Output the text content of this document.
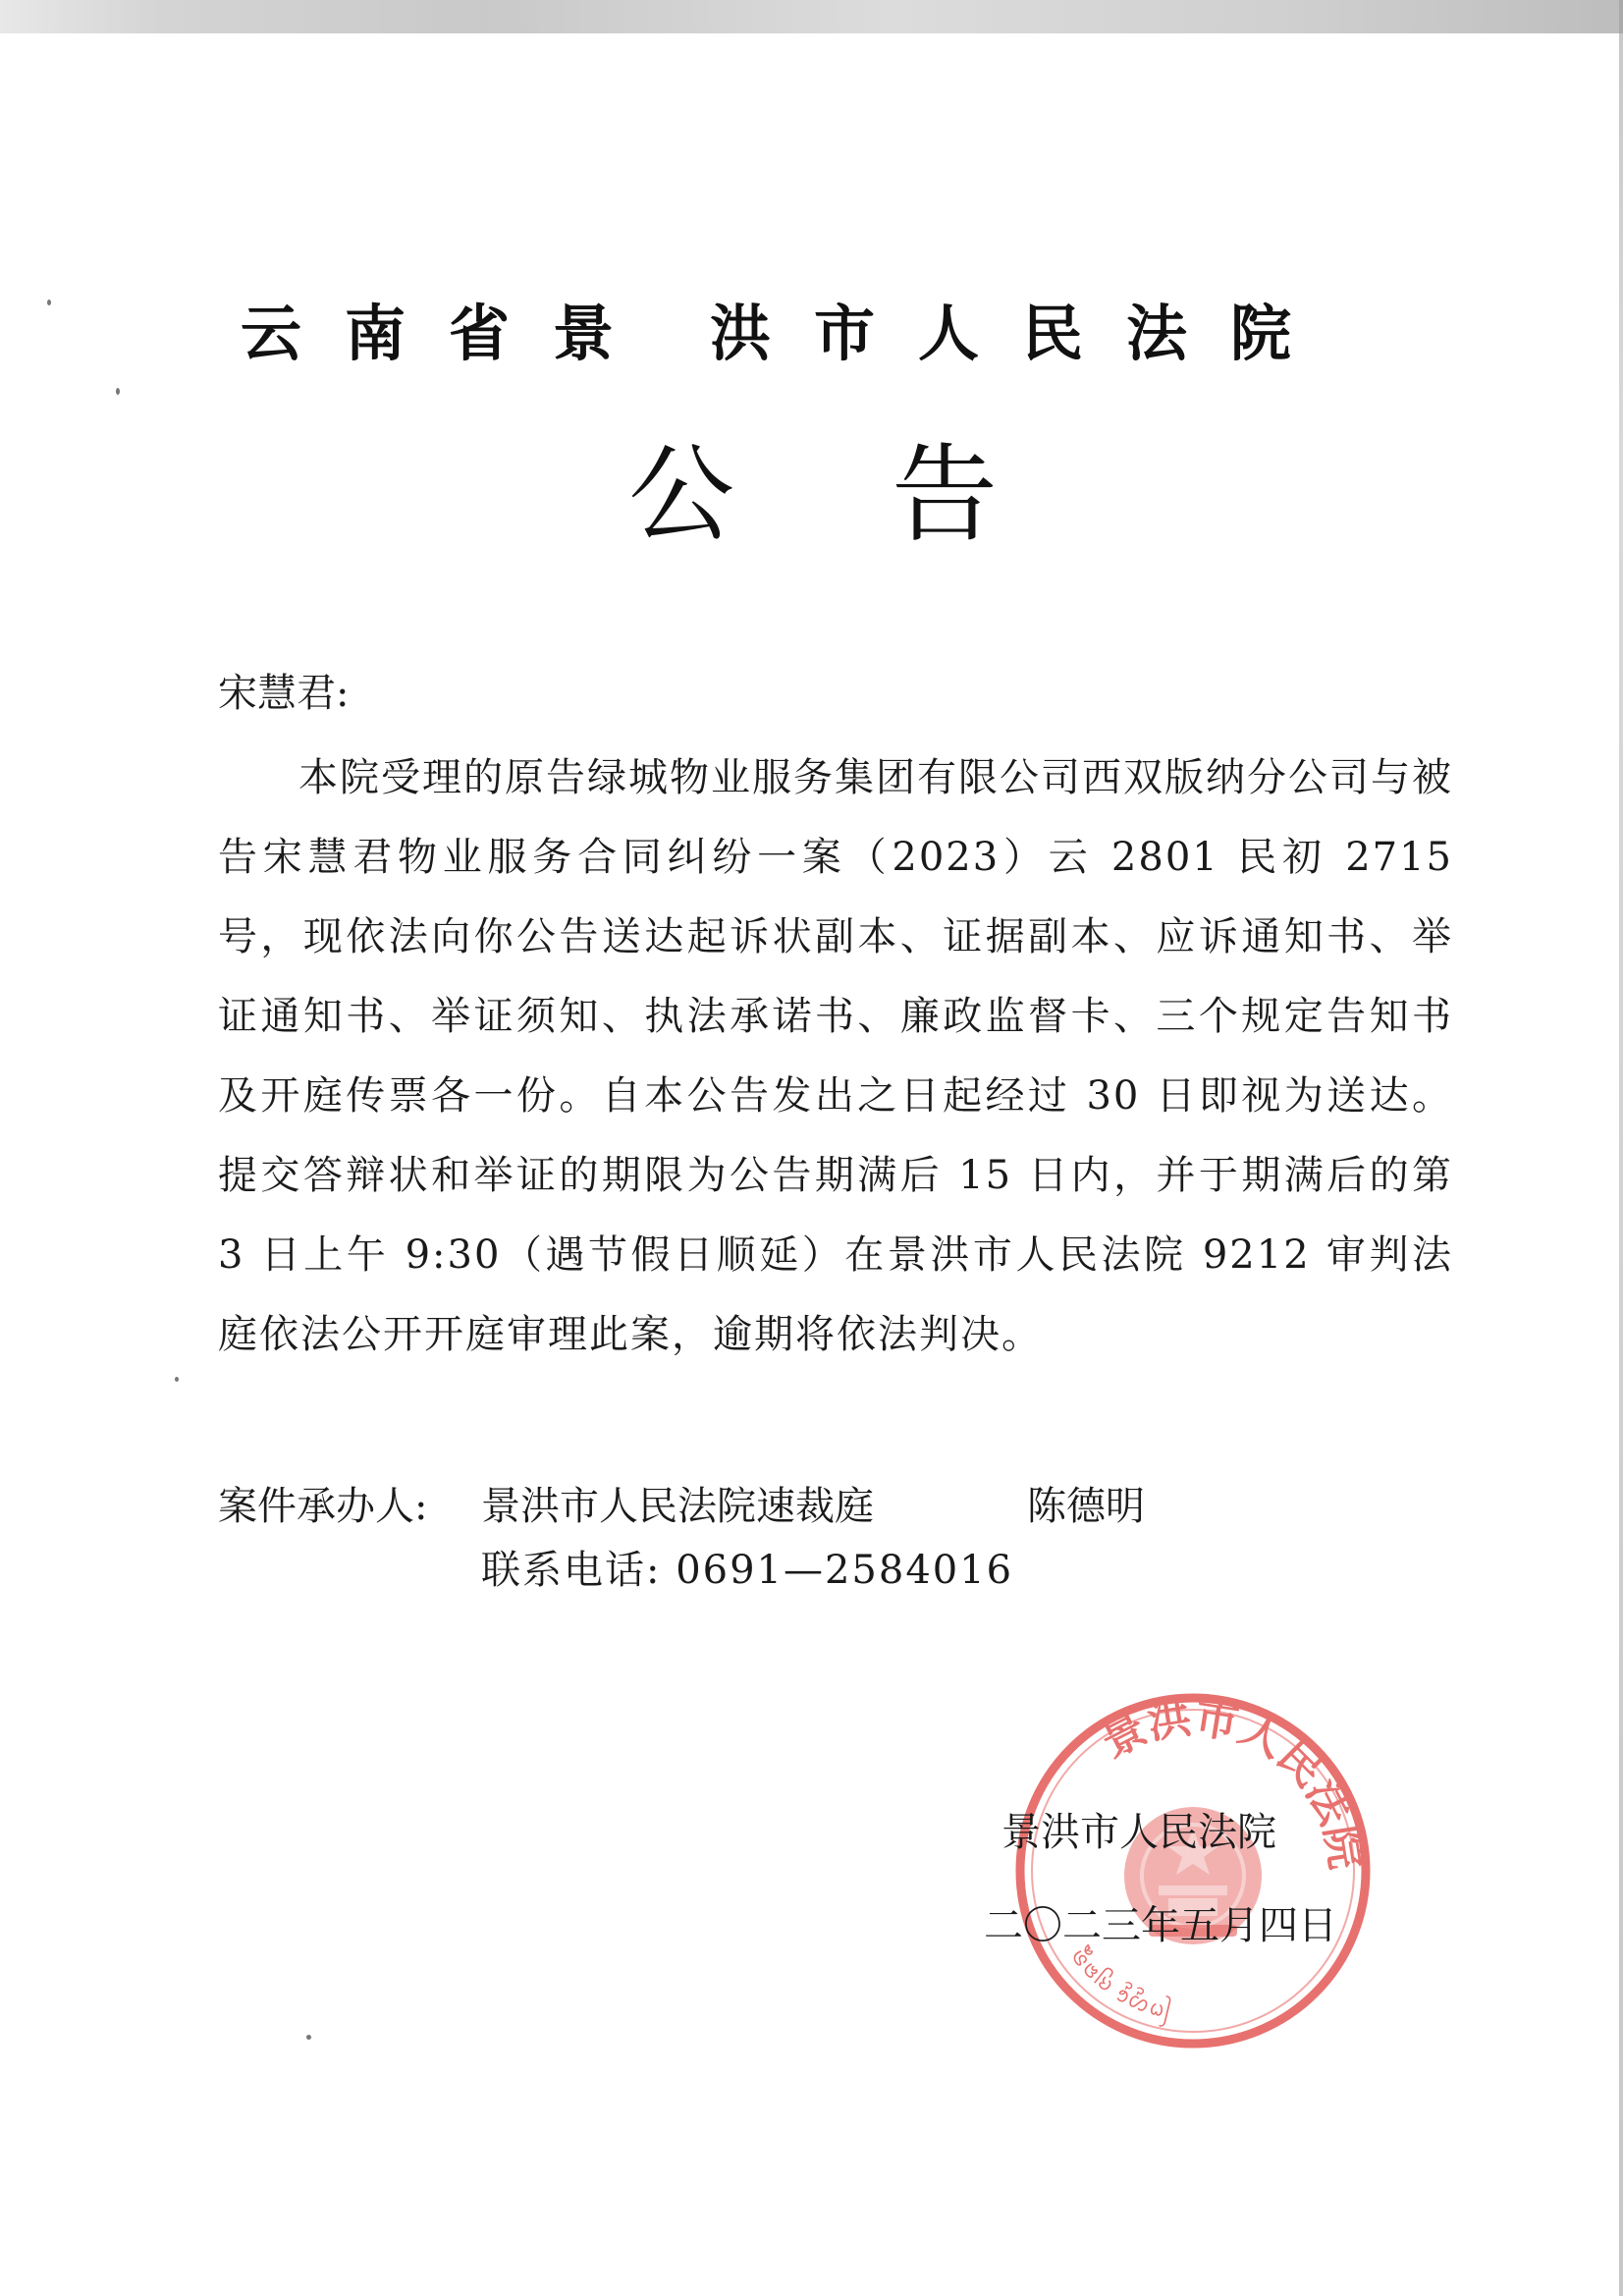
云南省景 洪市人民法院
公告
宋慧君:

本院受理的原告绿城物业服务集团有限公司西双版纳分公司与被告宋慧君物业服务合同纠纷一案（2023）云 2801 民初 2715 号，现依法向你公告送达起诉状副本、证据副本、应诉通知书、举证通知书、举证须知、执法承诺书、廉政监督卡、三个规定告知书及开庭传票各一份。自本公告发出之日起经过 30 日即视为送达。提交答辩状和举证的期限为公告期满后 15 日内，并于期满后的第 3 日上午 9:30（遇节假日顺延）在景洪市人民法院 9212 审判法庭依法公开开庭审理此案，逾期将依法判决。

案件承办人: 景洪市人民法院速裁庭	陈德明
联系电话: 0691—2584016
景洪市人民法院
ᨻᩕᩉ᩠ᨾᩮ᩠ᨾ ᨩ᩠ᨿᨦᩁᩩ᩠ᨦ
景洪市人民法院
二〇二三年五月四日
